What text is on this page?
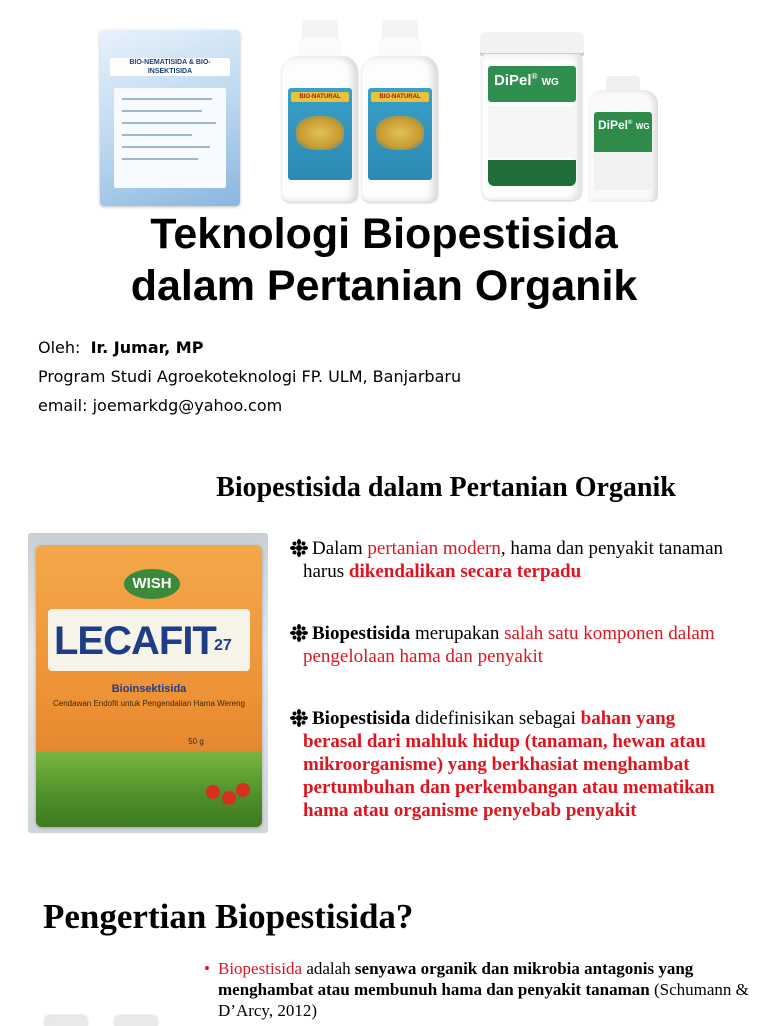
BIO-NEMATISIDA & BIO-INSEKTISIDA
BIO-NATURAL	BIO-NATURAL
DiPel® WG
DiPel® WG
Teknologi Biopestisida
dalam Pertanian Organik
Oleh: Ir. Jumar, MP
Program Studi Agroekoteknologi FP. ULM, Banjarbaru
email: joemarkdg@yahoo.com
Biopestisida dalam Pertanian Organik
WISH
LECAFIT
27
Bioinsektisida
Cendawan Endofit untuk Pengendalian Hama Wereng
50 g
Dalam pertanian modern, hama dan penyakit tanaman harus dikendalikan secara terpadu
Biopestisida merupakan salah satu komponen dalam pengelolaan hama dan penyakit
Biopestisida didefinisikan sebagai bahan yang berasal dari mahluk hidup (tanaman, hewan atau mikroorganisme) yang berkhasiat menghambat pertumbuhan dan perkembangan atau mematikan hama atau organisme penyebab penyakit
Pengertian Biopestisida?
• Biopestisida adalah senyawa organik dan mikrobia antagonis yang menghambat atau membunuh hama dan penyakit tanaman (Schumann & D’Arcy, 2012)
